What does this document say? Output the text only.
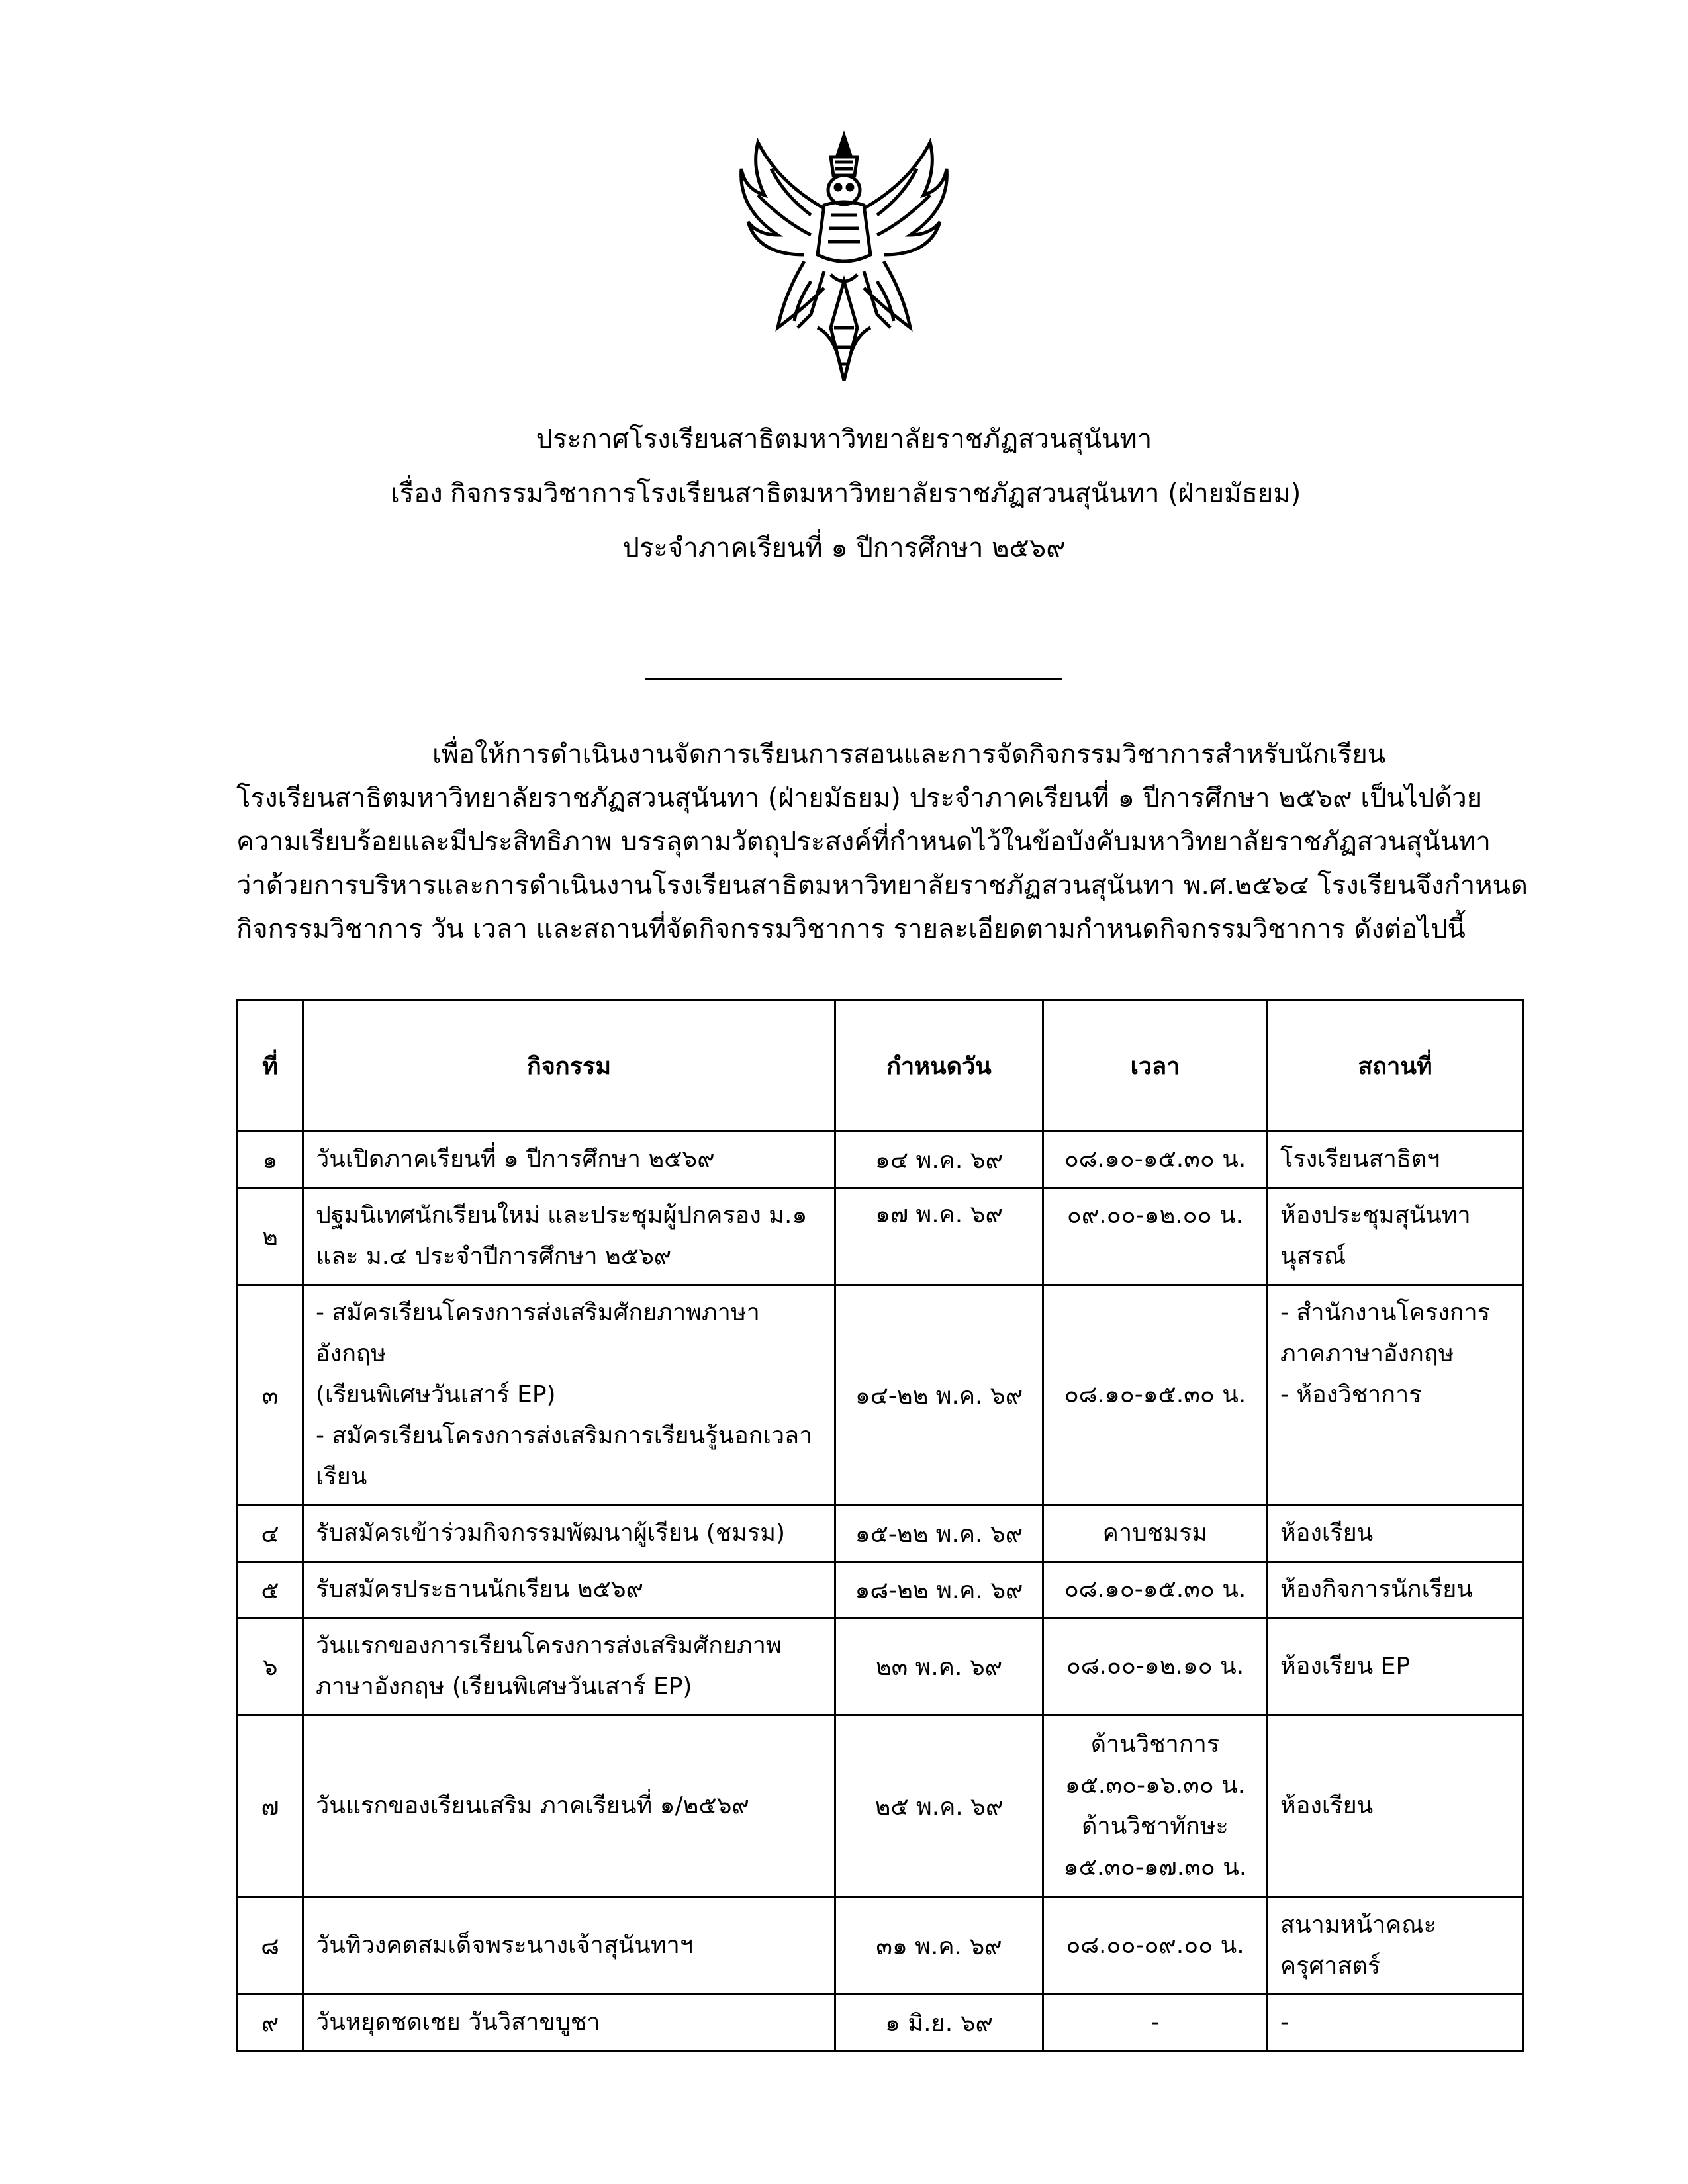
ประกาศโรงเรียนสาธิตมหาวิทยาลัยราชภัฏสวนสุนันทา
เรื่อง กิจกรรมวิชาการโรงเรียนสาธิตมหาวิทยาลัยราชภัฏสวนสุนันทา (ฝ่ายมัธยม)
ประจำภาคเรียนที่ ๑ ปีการศึกษา ๒๕๖๙
เพื่อให้การดำเนินงานจัดการเรียนการสอนและการจัดกิจกรรมวิชาการสำหรับนักเรียน
โรงเรียนสาธิตมหาวิทยาลัยราชภัฏสวนสุนันทา (ฝ่ายมัธยม) ประจำภาคเรียนที่ ๑ ปีการศึกษา ๒๕๖๙ เป็นไปด้วย
ความเรียบร้อยและมีประสิทธิภาพ บรรลุตามวัตถุประสงค์ที่กำหนดไว้ในข้อบังคับมหาวิทยาลัยราชภัฏสวนสุนันทา
ว่าด้วยการบริหารและการดำเนินงานโรงเรียนสาธิตมหาวิทยาลัยราชภัฏสวนสุนันทา พ.ศ.๒๕๖๔ โรงเรียนจึงกำหนด
กิจกรรมวิชาการ วัน เวลา และสถานที่จัดกิจกรรมวิชาการ รายละเอียดตามกำหนดกิจกรรมวิชาการ ดังต่อไปนี้
ที่	กิจกรรม	กำหนดวัน	เวลา	สถานที่
๑	วันเปิดภาคเรียนที่ ๑ ปีการศึกษา ๒๕๖๙	๑๔ พ.ค. ๖๙	๐๘.๑๐-๑๕.๓๐ น.	โรงเรียนสาธิตฯ
๒	ปฐมนิเทศนักเรียนใหม่ และประชุมผู้ปกครอง ม.๑
และ ม.๔ ประจำปีการศึกษา ๒๕๖๙	๑๗ พ.ค. ๖๙	๐๙.๐๐-๑๒.๐๐ น.	ห้องประชุมสุนันทา
นุสรณ์
๓	- สมัครเรียนโครงการส่งเสริมศักยภาพภาษาอังกฤษ
(เรียนพิเศษวันเสาร์ EP)
- สมัครเรียนโครงการส่งเสริมการเรียนรู้นอกเวลา
เรียน	๑๔-๒๒ พ.ค. ๖๙	๐๘.๑๐-๑๕.๓๐ น.	- สำนักงานโครงการ
ภาคภาษาอังกฤษ
- ห้องวิชาการ
๔	รับสมัครเข้าร่วมกิจกรรมพัฒนาผู้เรียน (ชมรม)	๑๕-๒๒ พ.ค. ๖๙	คาบชมรม	ห้องเรียน
๕	รับสมัครประธานนักเรียน ๒๕๖๙	๑๘-๒๒ พ.ค. ๖๙	๐๘.๑๐-๑๕.๓๐ น.	ห้องกิจการนักเรียน
๖	วันแรกของการเรียนโครงการส่งเสริมศักยภาพ
ภาษาอังกฤษ (เรียนพิเศษวันเสาร์ EP)	๒๓ พ.ค. ๖๙	๐๘.๐๐-๑๒.๑๐ น.	ห้องเรียน EP
๗	วันแรกของเรียนเสริม ภาคเรียนที่ ๑/๒๕๖๙	๒๕ พ.ค. ๖๙	ด้านวิชาการ
๑๕.๓๐-๑๖.๓๐ น.
ด้านวิชาทักษะ
๑๕.๓๐-๑๗.๓๐ น.	ห้องเรียน
๘	วันทิวงคตสมเด็จพระนางเจ้าสุนันทาฯ	๓๑ พ.ค. ๖๙	๐๘.๐๐-๐๙.๐๐ น.	สนามหน้าคณะ
ครุศาสตร์
๙	วันหยุดชดเชย วันวิสาขบูชา	๑ มิ.ย. ๖๙	-	-
